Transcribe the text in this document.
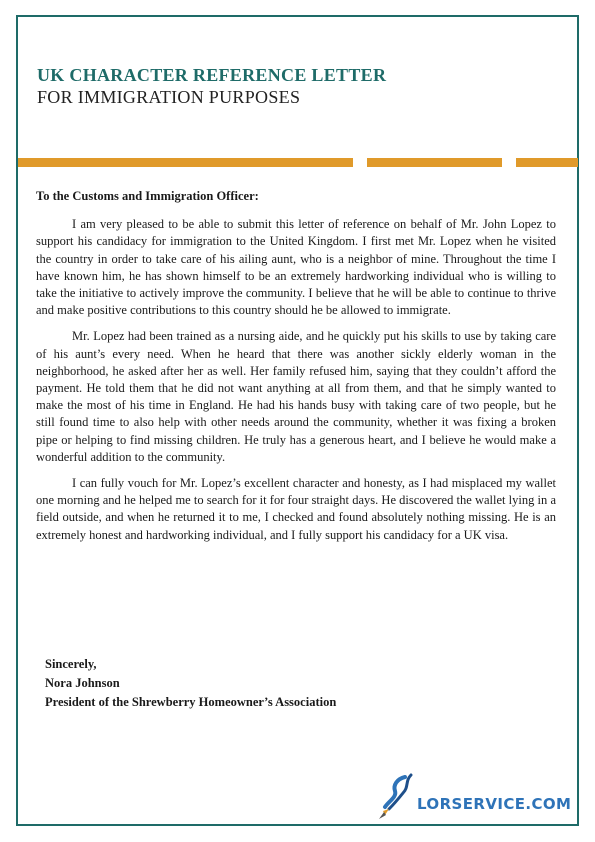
UK CHARACTER REFERENCE LETTER
FOR IMMIGRATION PURPOSES

To the Customs and Immigration Officer:

I am very pleased to be able to submit this letter of reference on behalf of Mr. John Lopez to support his candidacy for immigration to the United Kingdom. I first met Mr. Lopez when he visited the country in order to take care of his ailing aunt, who is a neighbor of mine. Throughout the time I have known him, he has shown himself to be an extremely hardworking individual who is willing to take the initiative to actively improve the community. I believe that he will be able to continue to thrive and make positive contributions to this country should he be allowed to immigrate.

Mr. Lopez had been trained as a nursing aide, and he quickly put his skills to use by taking care of his aunt’s every need. When he heard that there was another sickly elderly woman in the neighborhood, he asked after her as well. Her family refused him, saying that they couldn’t afford the payment. He told them that he did not want anything at all from them, and that he simply wanted to make the most of his time in England. He had his hands busy with taking care of two people, but he still found time to also help with other needs around the community, whether it was fixing a broken pipe or helping to find missing children. He truly has a generous heart, and I believe he would make a wonderful addition to the community.

I can fully vouch for Mr. Lopez’s excellent character and honesty, as I had misplaced my wallet one morning and he helped me to search for it for four straight days. He discovered the wallet lying in a field outside, and when he returned it to me, I checked and found absolutely nothing missing. He is an extremely honest and hardworking individual, and I fully support his candidacy for a UK visa.

Sincerely,
Nora Johnson
President of the Shrewberry Homeowner’s Association
LORSERVICE.COM
